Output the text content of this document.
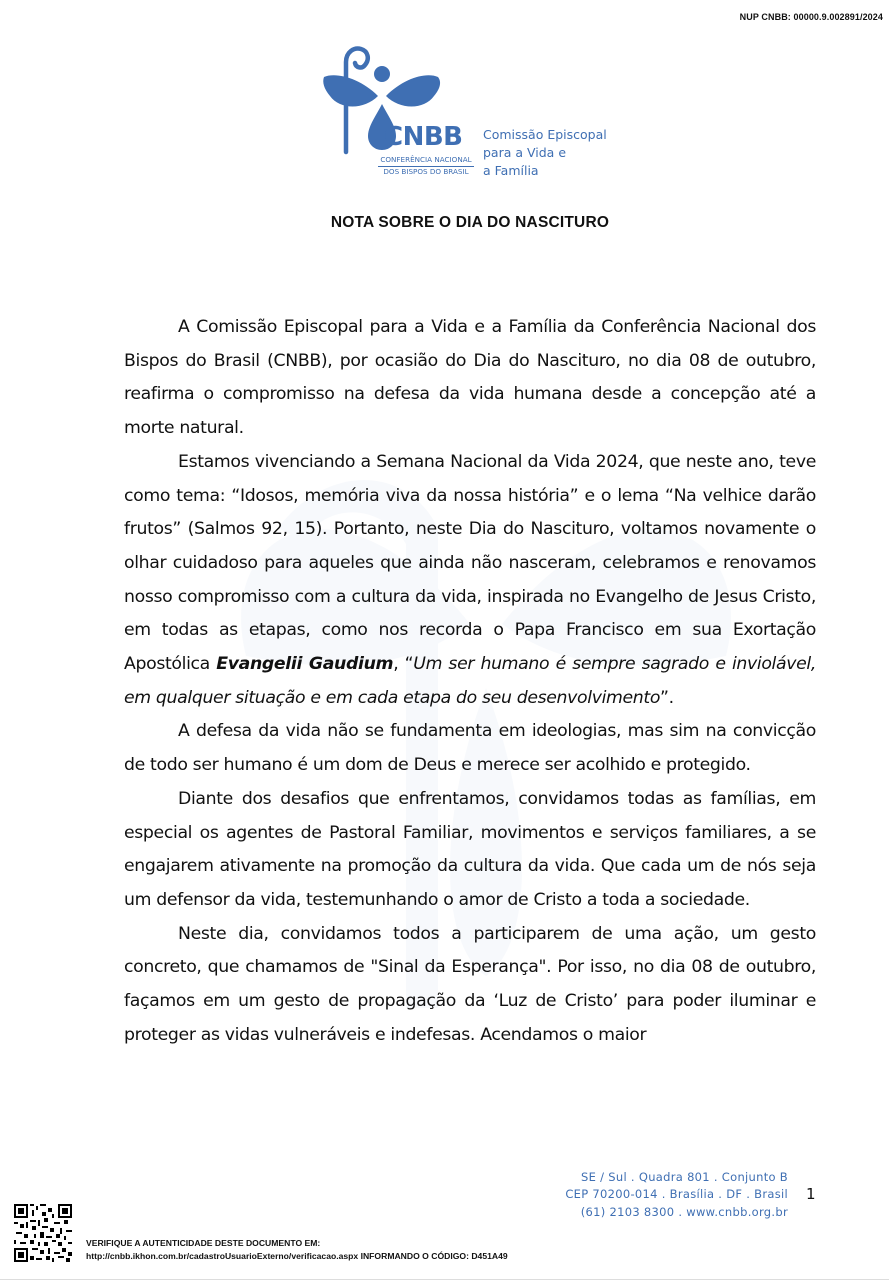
NUP CNBB: 00000.9.002891/2024
CNBB
CONFERÊNCIA NACIONAL
DOS BISPOS DO BRASIL
Comissão Episcopal
para a Vida e
a Família
NOTA SOBRE O DIA DO NASCITURO

A Comissão Episcopal para a Vida e a Família da Conferência Nacional dos Bispos do Brasil (CNBB), por ocasião do Dia do Nascituro, no dia 08 de outubro, reafirma o compromisso na defesa da vida humana desde a concepção até a morte natural.

Estamos vivenciando a Semana Nacional da Vida 2024, que neste ano, teve como tema: “Idosos, memória viva da nossa história” e o lema “Na velhice darão frutos” (Salmos 92, 15). Portanto, neste Dia do Nascituro, voltamos novamente o olhar cuidadoso para aqueles que ainda não nasceram, celebramos e renovamos nosso compromisso com a cultura da vida, inspirada no Evangelho de Jesus Cristo, em todas as etapas, como nos recorda o Papa Francisco em sua Exortação Apostólica Evangelii Gaudium, “Um ser humano é sempre sagrado e inviolável, em qualquer situação e em cada etapa do seu desenvolvimento”.

A defesa da vida não se fundamenta em ideologias, mas sim na convicção de todo ser humano é um dom de Deus e merece ser acolhido e protegido.

Diante dos desafios que enfrentamos, convidamos todas as famílias, em especial os agentes de Pastoral Familiar, movimentos e serviços familiares, a se engajarem ativamente na promoção da cultura da vida. Que cada um de nós seja um defensor da vida, testemunhando o amor de Cristo a toda a sociedade.

Neste dia, convidamos todos a participarem de uma ação, um gesto concreto, que chamamos de "Sinal da Esperança". Por isso, no dia 08 de outubro, façamos em um gesto de propagação da ‘Luz de Cristo’ para poder iluminar e proteger as vidas vulneráveis e indefesas. Acendamos o maior

SE / Sul . Quadra 801 . Conjunto B
CEP 70200-014 . Brasília . DF . Brasil
(61) 2103 8300 . www.cnbb.org.br
1
VERIFIQUE A AUTENTICIDADE DESTE DOCUMENTO EM:
http://cnbb.ikhon.com.br/cadastroUsuarioExterno/verificacao.aspx INFORMANDO O CÓDIGO: D451A49
